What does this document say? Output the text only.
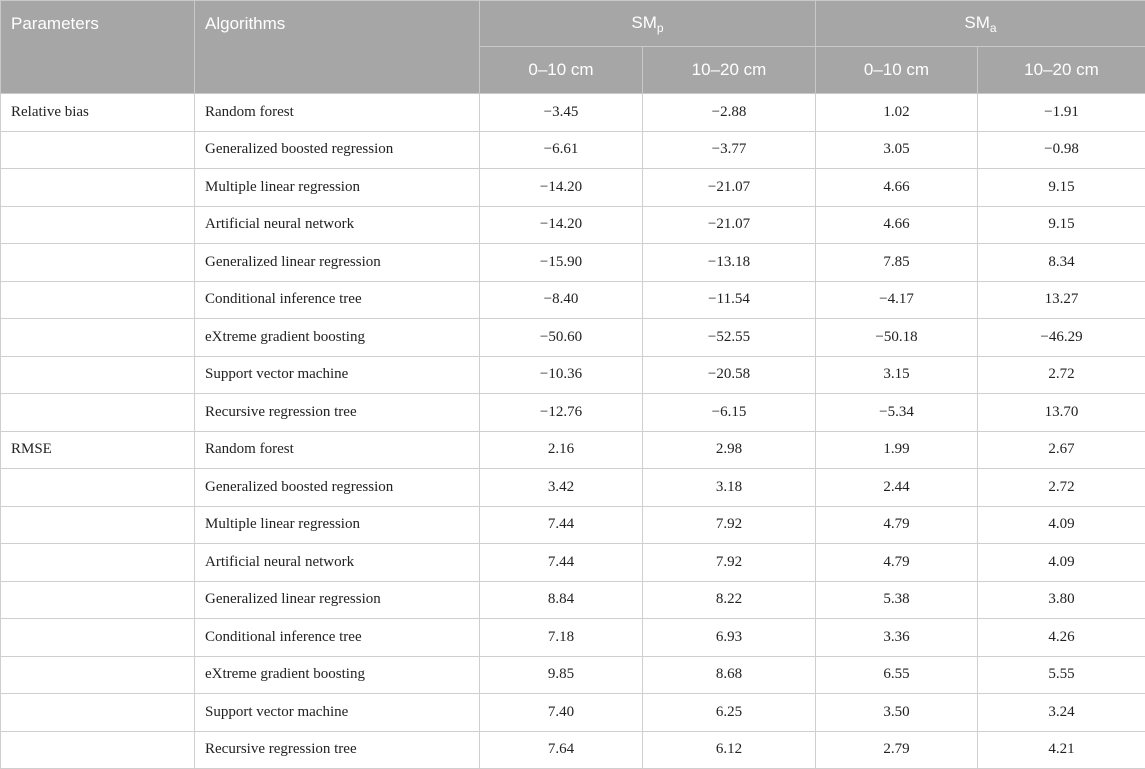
Parameters	Algorithms	$SM_p$		$SM_a$
		0–10 cm	10–20 cm	0–10 cm	10–20 cm
Relative bias	Random forest	−3.45	−2.88	1.02	−1.91
	Generalized boosted regression	−6.61	−3.77	3.05	−0.98
	Multiple linear regression	−14.20	−21.07	4.66	9.15
	Artificial neural network	−14.20	−21.07	4.66	9.15
	Generalized linear regression	−15.90	−13.18	7.85	8.34
	Conditional inference tree	−8.40	−11.54	−4.17	13.27
	eXtreme gradient boosting	−50.60	−52.55	−50.18	−46.29
	Support vector machine	−10.36	−20.58	3.15	2.72
	Recursive regression tree	−12.76	−6.15	−5.34	13.70
RMSE	Random forest	2.16	2.98	1.99	2.67
	Generalized boosted regression	3.42	3.18	2.44	2.72
	Multiple linear regression	7.44	7.92	4.79	4.09
	Artificial neural network	7.44	7.92	4.79	4.09
	Generalized linear regression	8.84	8.22	5.38	3.80
	Conditional inference tree	7.18	6.93	3.36	4.26
	eXtreme gradient boosting	9.85	8.68	6.55	5.55
	Support vector machine	7.40	6.25	3.50	3.24
	Recursive regression tree	7.64	6.12	2.79	4.21
